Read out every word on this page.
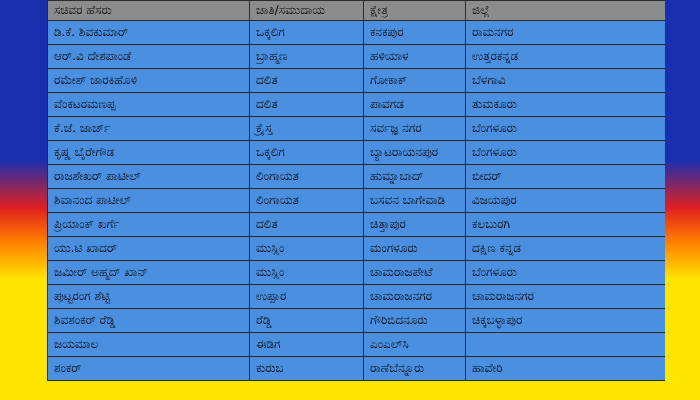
ಸಚಿವರ ಹೆಸರು	ಜಾತಿ/ಸಮುದಾಯ	ಕ್ಷೇತ್ರ	ಜಿಲ್ಲೆ
ಡಿ.ಕೆ. ಶಿವಕುಮಾರ್	ಒಕ್ಕಲಿಗ	ಕನಕಪುರ	ರಾಮನಗರ
ಆರ್.ವಿ ದೇಶಪಾಂಡೆ	ಬ್ರಾಹ್ಮಣ	ಹಳಿಯಾಳ	ಉತ್ತರಕನ್ನಡ
ರಮೇಶ್ ಜಾರಕಿಹೊಳಿ	ದಲಿತ	ಗೋಕಾಕ್	ಬೆಳಗಾವಿ
ವೆಂಕಟರಮಣಪ್ಪ	ದಲಿತ	ಪಾವಗಡ	ತುಮಕೂರು
ಕೆ.ಜೆ. ಜಾರ್ಜ್	ಕ್ರೈಸ್ತ	ಸರ್ವಜ್ಞ ನಗರ	ಬೆಂಗಳೂರು
ಕೃಷ್ಣ ಬೈರೇಗೌಡ	ಒಕ್ಕಲಿಗ	ಬ್ಯಾಟರಾಯನಪುರ	ಬೆಂಗಳೂರು
ರಾಜಶೇಖರ್ ಪಾಟೀಲ್	ಲಿಂಗಾಯತ	ಹುಮ್ನಾಬಾದ್	ಬೀದರ್
ಶಿವಾನಂದ ಪಾಟೀಲ್	ಲಿಂಗಾಯತ	ಬಸವನ ಬಾಗೇವಾಡಿ	ವಿಜಯಪುರ
ಪ್ರಿಯಾಂಕ್ ಖರ್ಗೆ	ದಲಿತ	ಚಿತ್ತಾಪುರ	ಕಲಬುರಗಿ
ಯು.ಟಿ ಖಾದರ್	ಮುಸ್ಲಿಂ	ಮಂಗಳೂರು	ದಕ್ಷಿಣ ಕನ್ನಡ
ಜಮೀರ್ ಅಹ್ಮದ್ ಖಾನ್	ಮುಸ್ಲಿಂ	ಚಾಮರಾಜಪೇಟೆ	ಬೆಂಗಳೂರು
ಪುಟ್ಟರಂಗ ಶೆಟ್ಟಿ	ಉಪ್ಪಾರ	ಚಾಮರಾಜನಗರ	ಚಾಮರಾಜನಗರ
ಶಿವಶಂಕರ್ ರೆಡ್ಡಿ	ರೆಡ್ಡಿ	ಗೌರಿಬಿದನೂರು	ಚಿಕ್ಕಬಳ್ಳಾಪುರ
ಜಯಮಾಲ	ಈಡಿಗ	ಎಂಎಲ್‌ಸಿ	
ಶಂಕರ್	ಕುರುಬ	ರಾಣೆಬೆನ್ನೂರು	ಹಾವೇರಿ
